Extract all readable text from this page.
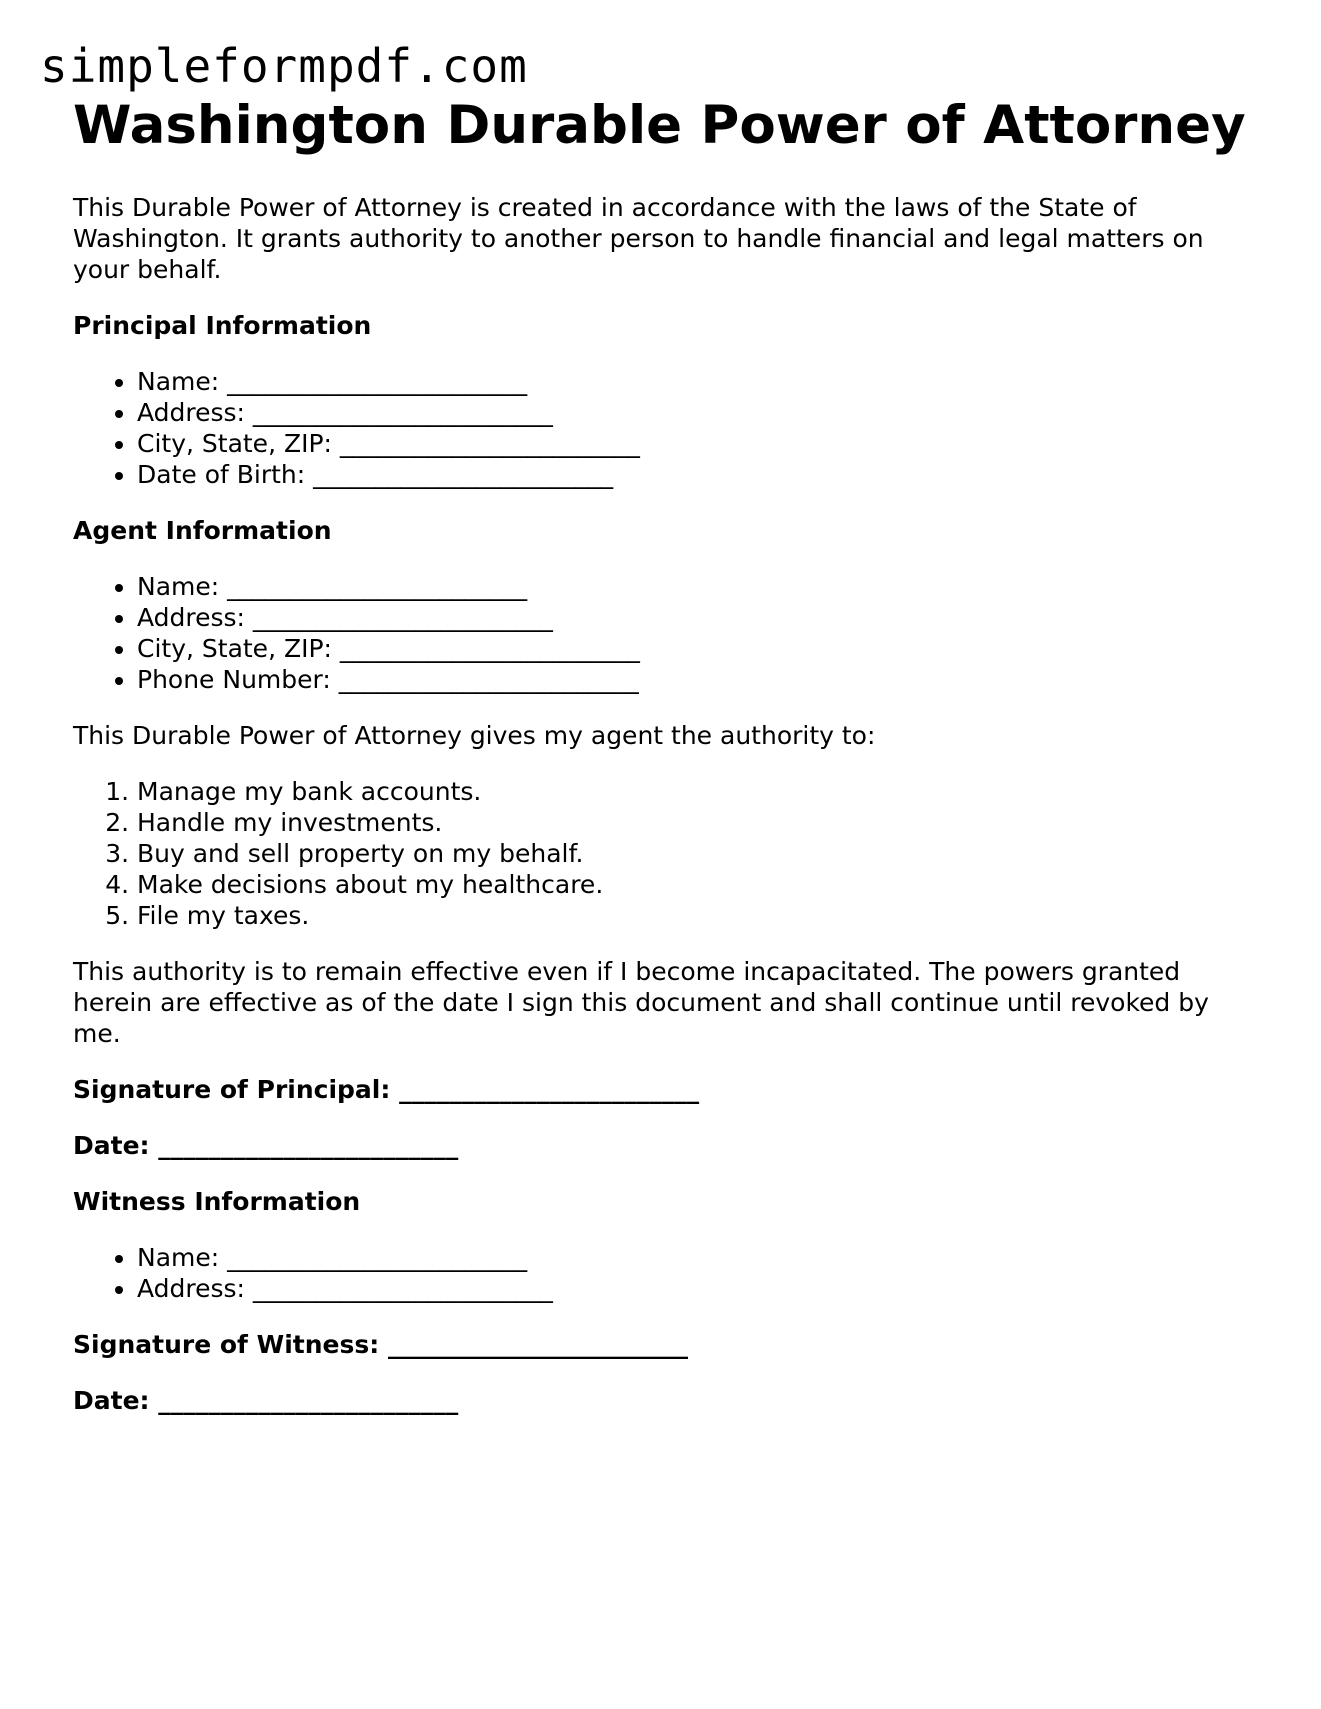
simpleformpdf.com
Washington Durable Power of Attorney

This Durable Power of Attorney is created in accordance with the laws of the State of Washington. It grants authority to another person to handle financial and legal matters on your behalf.

Principal Information
• Name: ________________________
• Address: ________________________
• City, State, ZIP: ________________________
• Date of Birth: ________________________
Agent Information
• Name: ________________________
• Address: ________________________
• City, State, ZIP: ________________________
• Phone Number: ________________________

This Durable Power of Attorney gives my agent the authority to:

1. Manage my bank accounts.
2. Handle my investments.
3. Buy and sell property on my behalf.
4. Make decisions about my healthcare.
5. File my taxes.

This authority is to remain effective even if I become incapacitated. The powers granted herein are effective as of the date I sign this document and shall continue until revoked by me.

Signature of Principal: ________________________
Date: ________________________
Witness Information
• Name: ________________________
• Address: ________________________
Signature of Witness: ________________________
Date: ________________________
